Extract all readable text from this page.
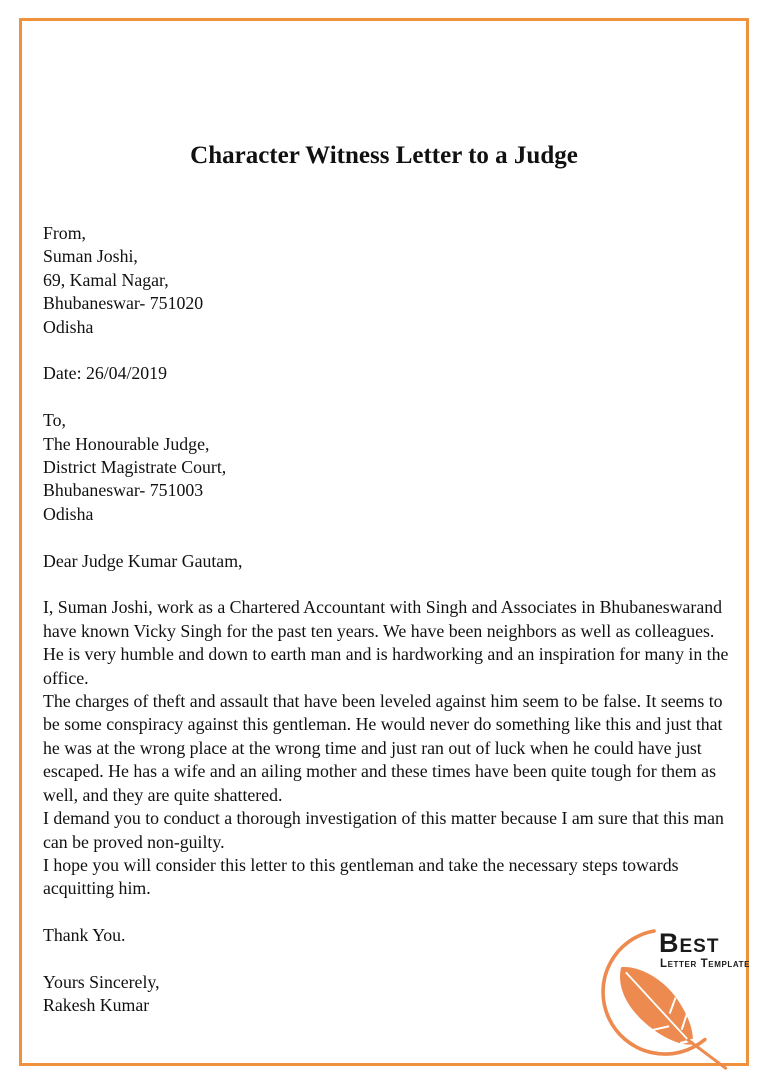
Character Witness Letter to a Judge
From,
Suman Joshi,
69, Kamal Nagar,
Bhubaneswar- 751020
Odisha
Date: 26/04/2019
To,
The Honourable Judge,
District Magistrate Court,
Bhubaneswar- 751003
Odisha
Dear Judge Kumar Gautam,

I, Suman Joshi, work as a Chartered Accountant with Singh and Associates in Bhubaneswarand have known Vicky Singh for the past ten years. We have been neighbors as well as colleagues. He is very humble and down to earth man and is hardworking and an inspiration for many in the office.

The charges of theft and assault that have been leveled against him seem to be false. It seems to be some conspiracy against this gentleman. He would never do something like this and just that he was at the wrong place at the wrong time and just ran out of luck when he could have just escaped. He has a wife and an ailing mother and these times have been quite tough for them as well, and they are quite shattered.

I demand you to conduct a thorough investigation of this matter because I am sure that this man can be proved non-guilty.

I hope you will consider this letter to this gentleman and take the necessary steps towards acquitting him.

Thank You.
Yours Sincerely,
Rakesh Kumar
Best
Letter Template
